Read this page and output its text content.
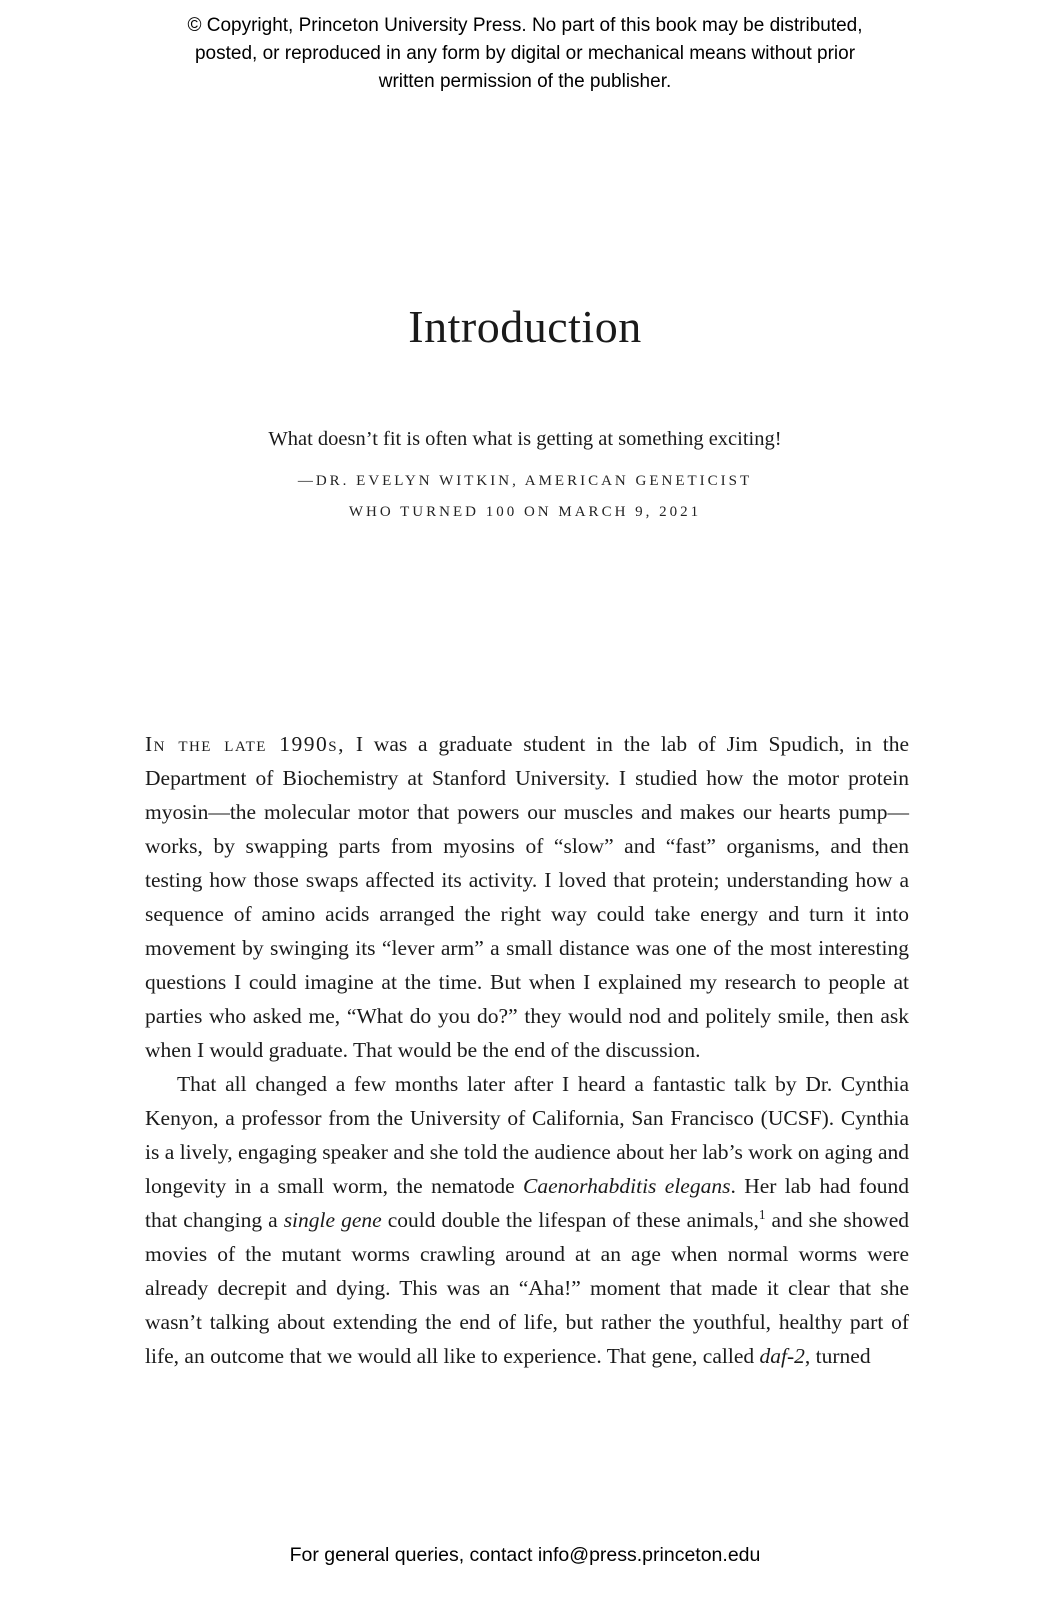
© Copyright, Princeton University Press. No part of this book may be distributed, posted, or reproduced in any form by digital or mechanical means without prior written permission of the publisher.
Introduction

What doesn’t fit is often what is getting at something exciting!

—DR. EVELYN WITKIN, AMERICAN GENETICIST

WHO TURNED 100 ON MARCH 9, 2021

In the late 1990s, I was a graduate student in the lab of Jim Spudich, in the Department of Biochemistry at Stanford University. I studied how the motor protein myosin—the molecular motor that powers our muscles and makes our hearts pump—works, by swapping parts from myosins of “slow” and “fast” organisms, and then testing how those swaps affected its activity. I loved that protein; understanding how a sequence of amino acids arranged the right way could take energy and turn it into movement by swinging its “lever arm” a small distance was one of the most interesting questions I could imagine at the time. But when I explained my research to people at parties who asked me, “What do you do?” they would nod and politely smile, then ask when I would graduate. That would be the end of the discussion.

That all changed a few months later after I heard a fantastic talk by Dr. Cynthia Kenyon, a professor from the University of California, San Francisco (UCSF). Cynthia is a lively, engaging speaker and she told the audience about her lab’s work on aging and longevity in a small worm, the nematode Caenorhabditis elegans. Her lab had found that changing a single gene could double the lifespan of these animals,$^1$ and she showed movies of the mutant worms crawling around at an age when normal worms were already decrepit and dying. This was an “Aha!” moment that made it clear that she wasn’t talking about extending the end of life, but rather the youthful, healthy part of life, an outcome that we would all like to experience. That gene, called daf-2, turned

For general queries, contact info@press.princeton.edu
